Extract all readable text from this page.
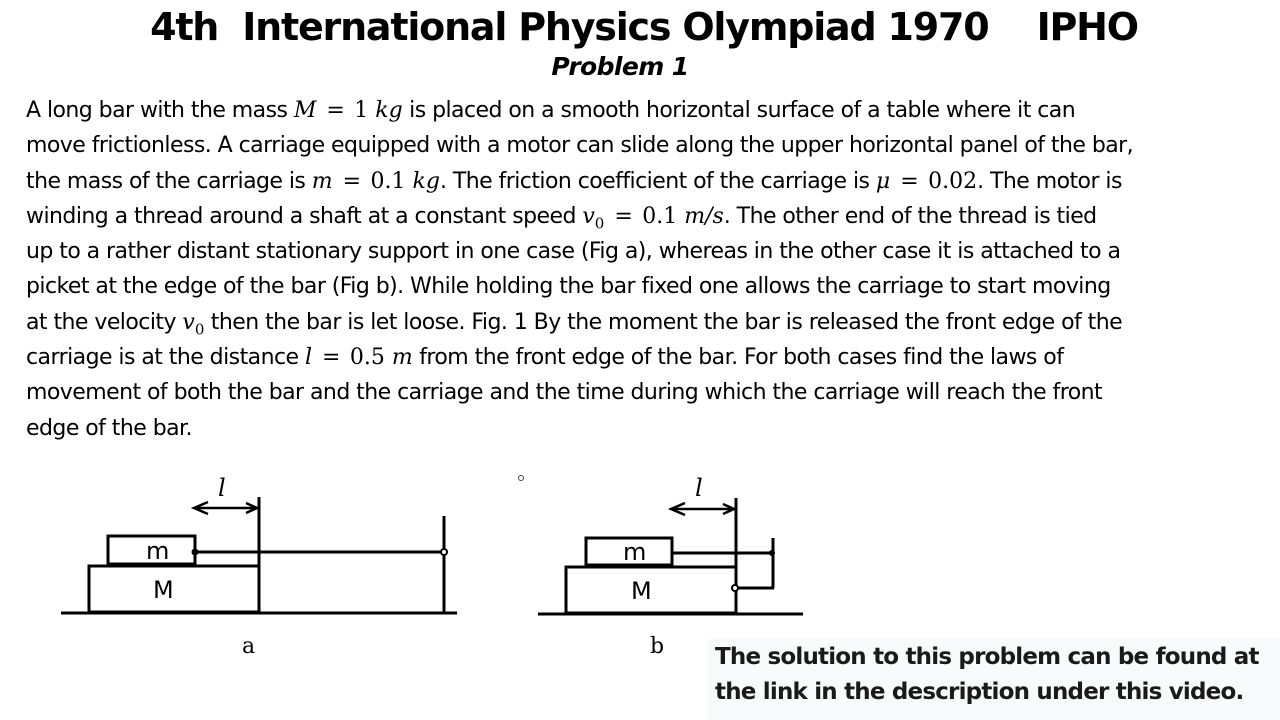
4th  International Physics Olympiad 1970    IPHO
Problem 1
A long bar with the mass M = 1 kg is placed on a smooth horizontal surface of a table where it can
move frictionless. A carriage equipped with a motor can slide along the upper horizontal panel of the bar,
the mass of the carriage is m = 0.1 kg. The friction coefficient of the carriage is μ = 0.02. The motor is
winding a thread around a shaft at a constant speed $v_0 = 0.1$ m/s. The other end of the thread is tied
up to a rather distant stationary support in one case (Fig a), whereas in the other case it is attached to a
picket at the edge of the bar (Fig b). While holding the bar fixed one allows the carriage to start moving
at the velocity $v_0$ then the bar is let loose. Fig. 1 By the moment the bar is released the front edge of the
carriage is at the distance l = 0.5 m from the front edge of the bar. For both cases find the laws of
movement of both the bar and the carriage and the time during which the carriage will reach the front
edge of the bar.
l
m
M
a
l
m
M
b The solution to this problem can be found at
the link in the description under this video.
